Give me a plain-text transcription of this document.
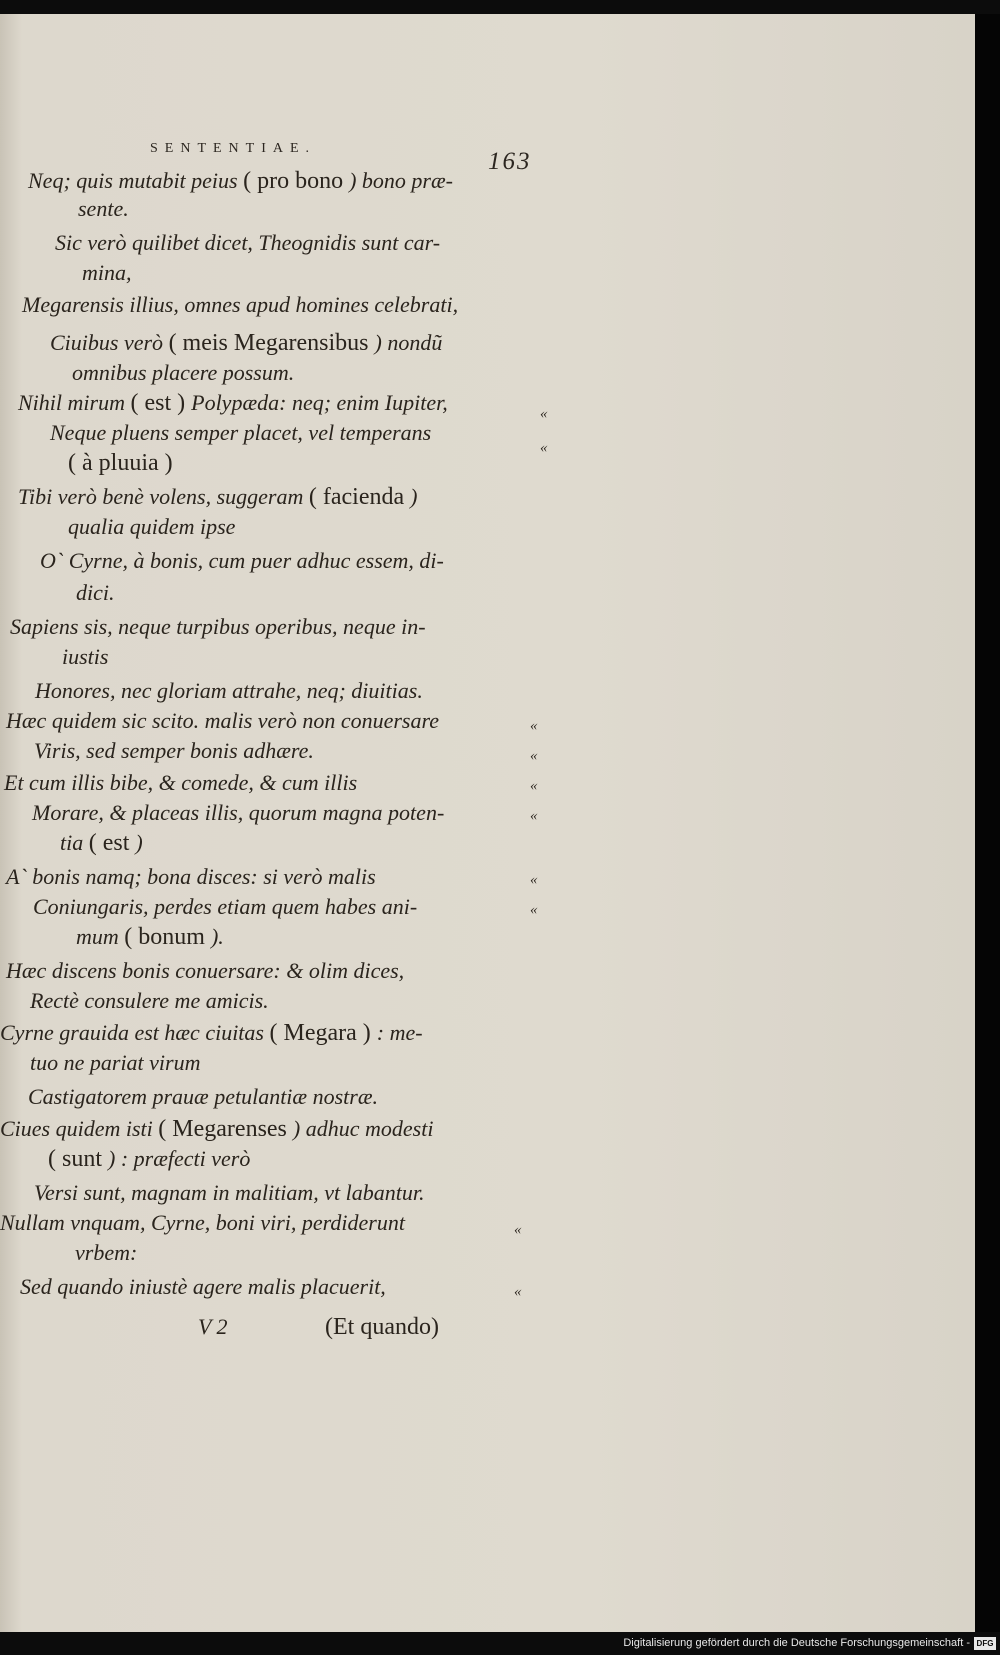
SENTENTIAE.	163
Neq; quis mutabit peius ( pro bono ) bono præ-
sente.
Sic verò quilibet dicet, Theognidis sunt car-
mina,
Megarensis illius, omnes apud homines celebrati,
Ciuibus verò ( meis Megarensibus ) nondũ
omnibus placere possum.
Nihil mirum ( est ) Polypæda: neq; enim Iupiter,
Neque pluens semper placet, vel temperans
( à pluuia )
Tibi verò benè volens, suggeram ( facienda )
qualia quidem ipse
O` Cyrne, à bonis, cum puer adhuc essem, di-
dici.
Sapiens sis, neque turpibus operibus, neque in-
iustis
Honores, nec gloriam attrahe, neq; diuitias.
Hæc quidem sic scito. malis verò non conuersare
Viris, sed semper bonis adhære.
Et cum illis bibe, & comede, & cum illis
Morare, & placeas illis, quorum magna poten-
tia ( est )
A` bonis namq; bona disces: si verò malis
Coniungaris, perdes etiam quem habes ani-
mum ( bonum ).
Hæc discens bonis conuersare: & olim dices,
Rectè consulere me amicis.
Cyrne grauida est hæc ciuitas ( Megara ) : me-
tuo ne pariat virum
Castigatorem prauæ petulantiæ nostræ.
Ciues quidem isti ( Megarenses ) adhuc modesti
( sunt ) : præfecti verò
Versi sunt, magnam in malitiam, vt labantur.
Nullam vnquam, Cyrne, boni viri, perdiderunt
vrbem:
Sed quando iniustè agere malis placuerit,
«
«
«
«
«
«
«
«
«
«
V 2	(Et quando)
Digitalisierung gefördert durch die Deutsche Forschungsgemeinschaft - DFG
